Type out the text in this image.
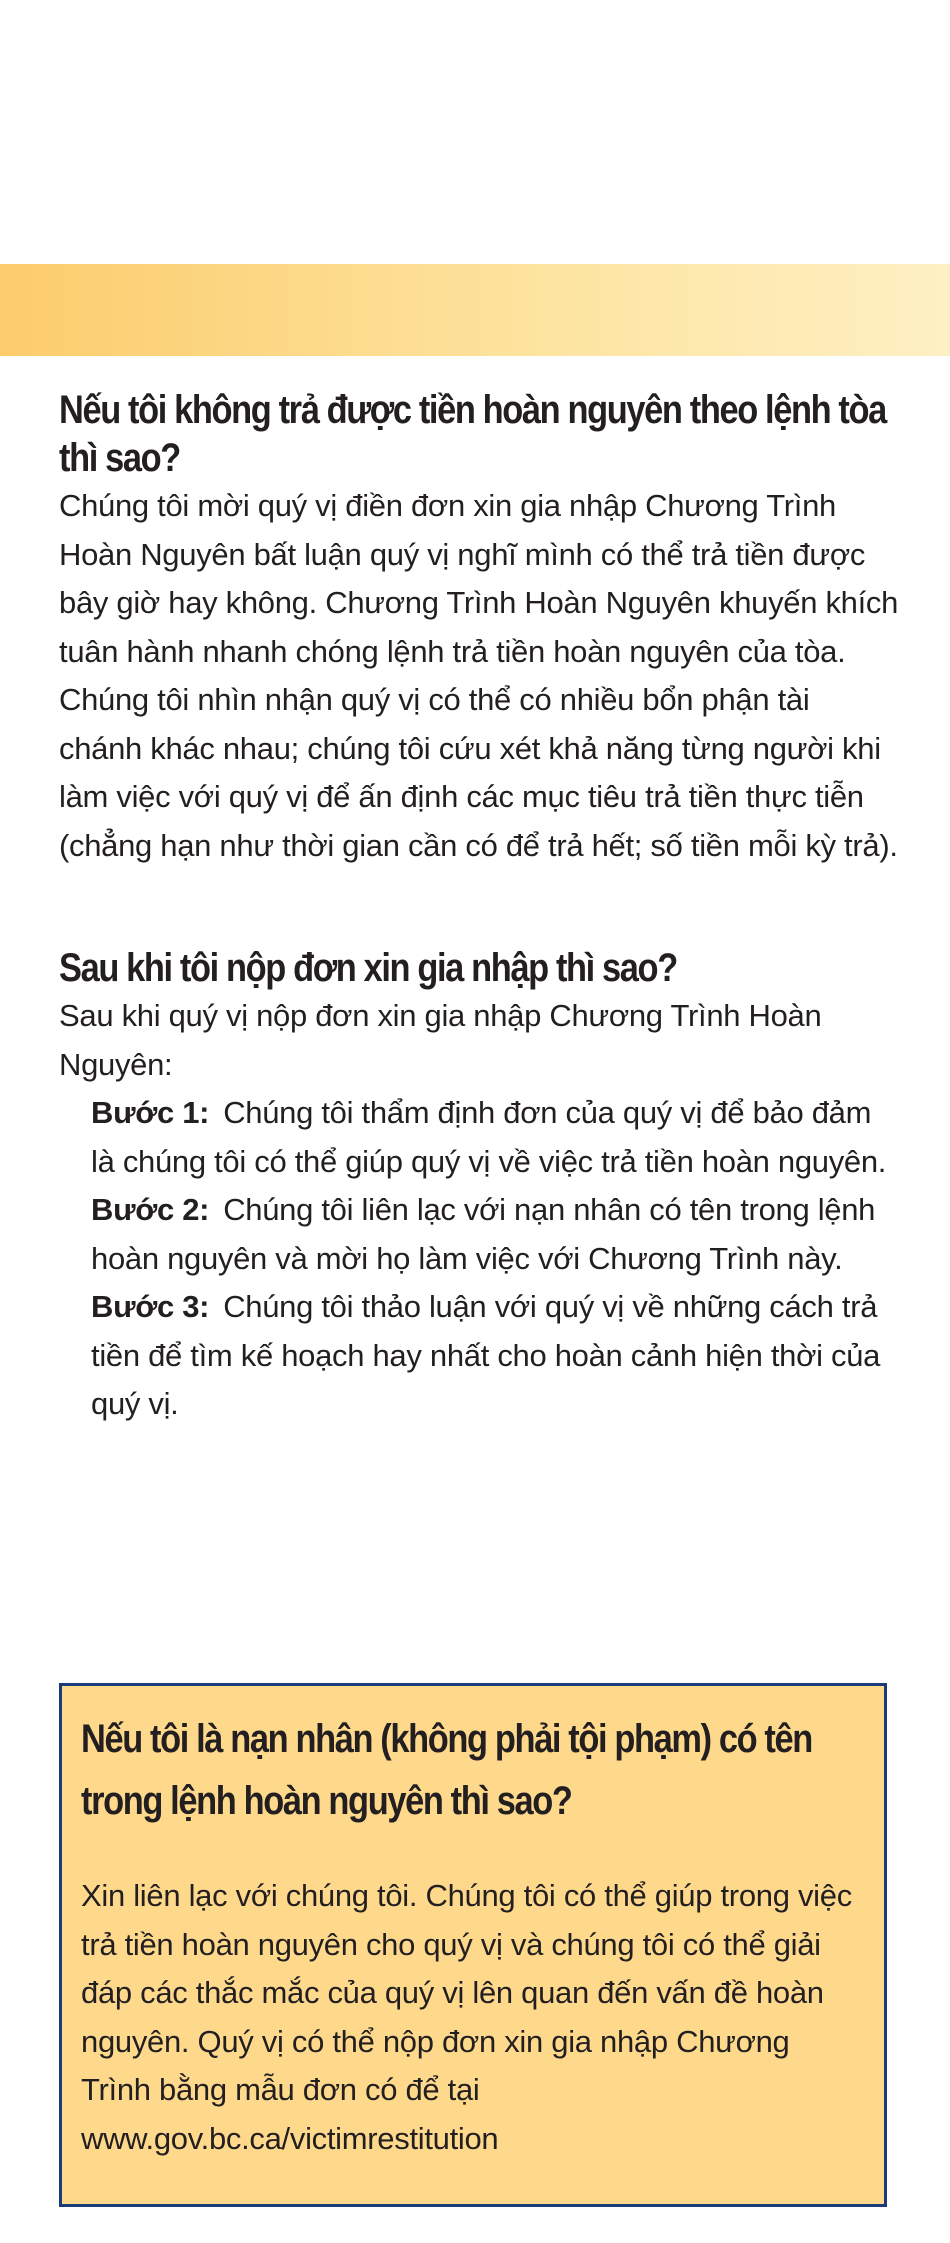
Nếu tôi không trả được tiền hoàn nguyên theo lệnh tòa thì sao?

Chúng tôi mời quý vị điền đơn xin gia nhập Chương Trình Hoàn Nguyên bất luận quý vị nghĩ mình có thể trả tiền được bây giờ hay không. Chương Trình Hoàn Nguyên khuyến khích tuân hành nhanh chóng lệnh trả tiền hoàn nguyên của tòa. Chúng tôi nhìn nhận quý vị có thể có nhiều bổn phận tài chánh khác nhau; chúng tôi cứu xét khả năng từng người khi làm việc với quý vị để ấn định các mục tiêu trả tiền thực tiễn (chẳng hạn như thời gian cần có để trả hết; số tiền mỗi kỳ trả).

Sau khi tôi nộp đơn xin gia nhập thì sao?

Sau khi quý vị nộp đơn xin gia nhập Chương Trình Hoàn Nguyên:

Bước 1: Chúng tôi thẩm định đơn của quý vị để bảo đảm là chúng tôi có thể giúp quý vị về việc trả tiền hoàn nguyên.
Bước 2: Chúng tôi liên lạc với nạn nhân có tên trong lệnh hoàn nguyên và mời họ làm việc với Chương Trình này.
Bước 3: Chúng tôi thảo luận với quý vị về những cách trả tiền để tìm kế hoạch hay nhất cho hoàn cảnh hiện thời của quý vị.
Nếu tôi là nạn nhân (không phải tội phạm) có tên trong lệnh hoàn nguyên thì sao?

Xin liên lạc với chúng tôi. Chúng tôi có thể giúp trong việc trả tiền hoàn nguyên cho quý vị và chúng tôi có thể giải đáp các thắc mắc của quý vị lên quan đến vấn đề hoàn nguyên. Quý vị có thể nộp đơn xin gia nhập Chương Trình bằng mẫu đơn có để tại
www.gov.bc.ca/victimrestitution
